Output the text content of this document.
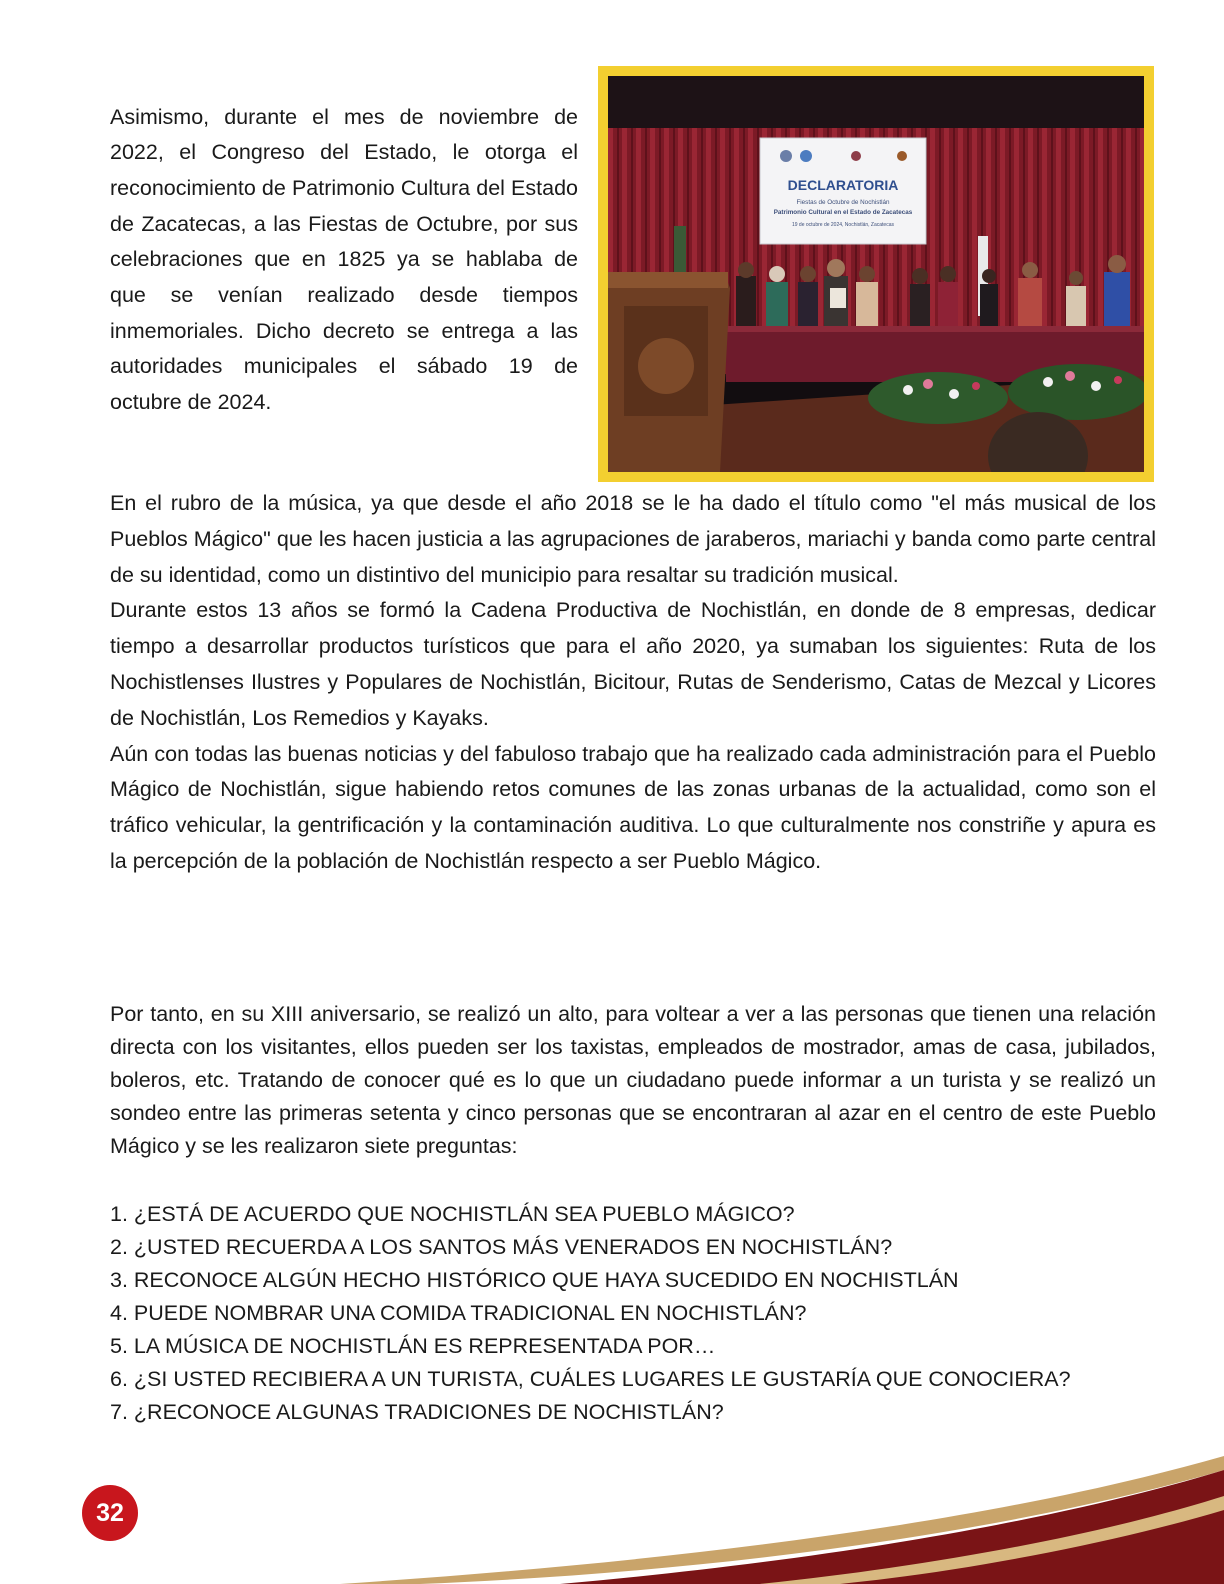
Asimismo, durante el mes de noviembre de 2022, el Congreso del Estado, le otorga el reconocimiento de Patrimonio Cultura del Estado de Zacatecas, a las Fiestas de Octubre, por sus celebraciones que en 1825 ya se hablaba de que se venían realizado desde tiempos inmemoriales. Dicho decreto se entrega a las autoridades municipales el sábado 19 de octubre de 2024.

DECLARATORIA
Fiestas de Octubre de Nochistlán
Patrimonio Cultural en el Estado de Zacatecas
19 de octubre de 2024, Nochistlán, Zacatecas

En el rubro de la música, ya que desde el año 2018 se le ha dado el título como "el más musical de los Pueblos Mágico" que les hacen justicia a las agrupaciones de jaraberos, mariachi y banda como parte central de su identidad, como un distintivo del municipio para resaltar su tradición musical.

Durante estos 13 años se formó la Cadena Productiva de Nochistlán, en donde de 8 empresas, dedicar tiempo a desarrollar productos turísticos que para el año 2020, ya sumaban los siguientes: Ruta de los Nochistlenses Ilustres y Populares de Nochistlán, Bicitour, Rutas de Senderismo, Catas de Mezcal y Licores de Nochistlán, Los Remedios y Kayaks.

Aún con todas las buenas noticias y del fabuloso trabajo que ha realizado cada administración para el Pueblo Mágico de Nochistlán, sigue habiendo retos comunes de las zonas urbanas de la actualidad, como son el tráfico vehicular, la gentrificación y la contaminación auditiva. Lo que culturalmente nos constriñe y apura es la percepción de la población de Nochistlán respecto a ser Pueblo Mágico.

Por tanto, en su XIII aniversario, se realizó un alto, para voltear a ver a las personas que tienen una relación directa con los visitantes, ellos pueden ser los taxistas, empleados de mostrador, amas de casa, jubilados, boleros, etc. Tratando de conocer qué es lo que un ciudadano puede informar a un turista y se realizó un sondeo entre las primeras setenta y cinco personas que se encontraran al azar en el centro de este Pueblo Mágico y se les realizaron siete preguntas:

1. ¿ESTÁ DE ACUERDO QUE NOCHISTLÁN SEA PUEBLO MÁGICO?
2. ¿USTED RECUERDA A LOS SANTOS MÁS VENERADOS EN NOCHISTLÁN?
3. RECONOCE ALGÚN HECHO HISTÓRICO QUE HAYA SUCEDIDO EN NOCHISTLÁN
4. PUEDE NOMBRAR UNA COMIDA TRADICIONAL EN NOCHISTLÁN?
5. LA MÚSICA DE NOCHISTLÁN ES REPRESENTADA POR…
6. ¿SI USTED RECIBIERA A UN TURISTA, CUÁLES LUGARES LE GUSTARÍA QUE CONOCIERA?
7. ¿RECONOCE ALGUNAS TRADICIONES DE NOCHISTLÁN?
32
